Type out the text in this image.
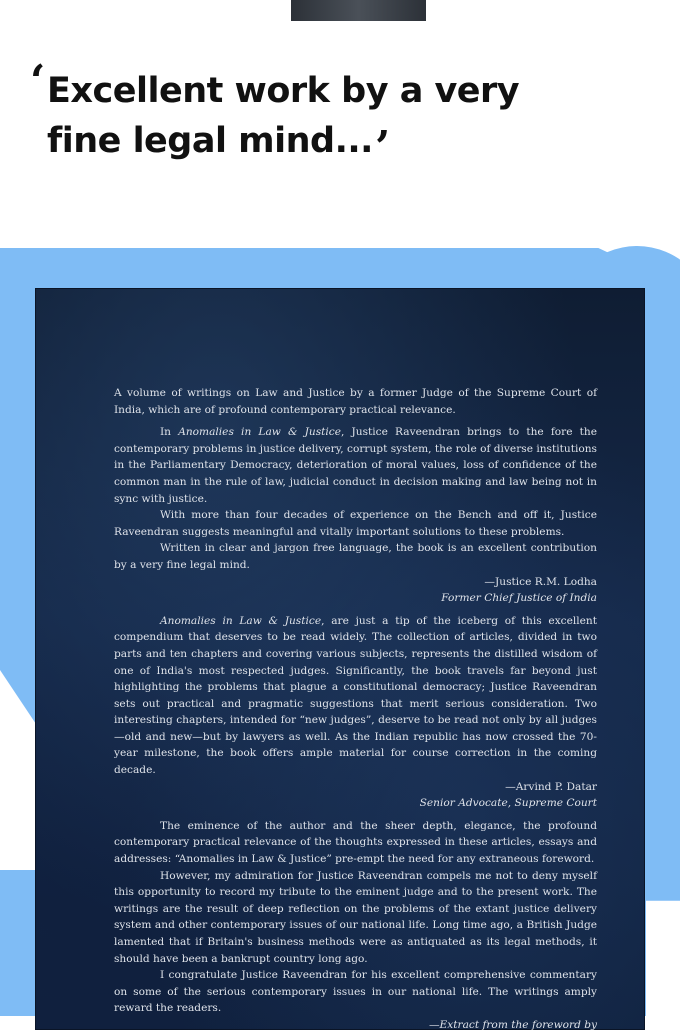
‘ Excellent work by a very
fine legal mind...’

A volume of writings on Law and Justice by a former Judge of the Supreme Court of India, which are of profound contemporary practical relevance.

In Anomalies in Law & Justice, Justice Raveendran brings to the fore the contemporary problems in justice delivery, corrupt system, the role of diverse institutions in the Parliamentary Democracy, deterioration of moral values, loss of confidence of the common man in the rule of law, judicial conduct in decision making and law being not in sync with justice.

With more than four decades of experience on the Bench and off it, Justice Raveendran suggests meaningful and vitally important solutions to these problems.

Written in clear and jargon free language, the book is an excellent contribution by a very fine legal mind.

—Justice R.M. Lodha

Former Chief Justice of India

Anomalies in Law & Justice, are just a tip of the iceberg of this excellent compendium that deserves to be read widely. The collection of articles, divided in two parts and ten chapters and covering various subjects, represents the distilled wisdom of one of India's most respected judges. Significantly, the book travels far beyond just highlighting the problems that plague a constitutional democracy; Justice Raveendran sets out practical and pragmatic suggestions that merit serious consideration. Two interesting chapters, intended for “new judges”, deserve to be read not only by all judges—old and new—but by lawyers as well. As the Indian republic has now crossed the 70-year milestone, the book offers ample material for course correction in the coming decade.

—Arvind P. Datar

Senior Advocate, Supreme Court

The eminence of the author and the sheer depth, elegance, the profound contemporary practical relevance of the thoughts expressed in these articles, essays and addresses: “Anomalies in Law & Justice” pre-empt the need for any extraneous foreword.

However, my admiration for Justice Raveendran compels me not to deny myself this opportunity to record my tribute to the eminent judge and to the present work. The writings are the result of deep reflection on the problems of the extant justice delivery system and other contemporary issues of our national life. Long time ago, a British Judge lamented that if Britain's business methods were as antiquated as its legal methods, it should have been a bankrupt country long ago.

I congratulate Justice Raveendran for his excellent comprehensive commentary on some of the serious contemporary issues in our national life. The writings amply reward the readers.

—Extract from the foreword by
